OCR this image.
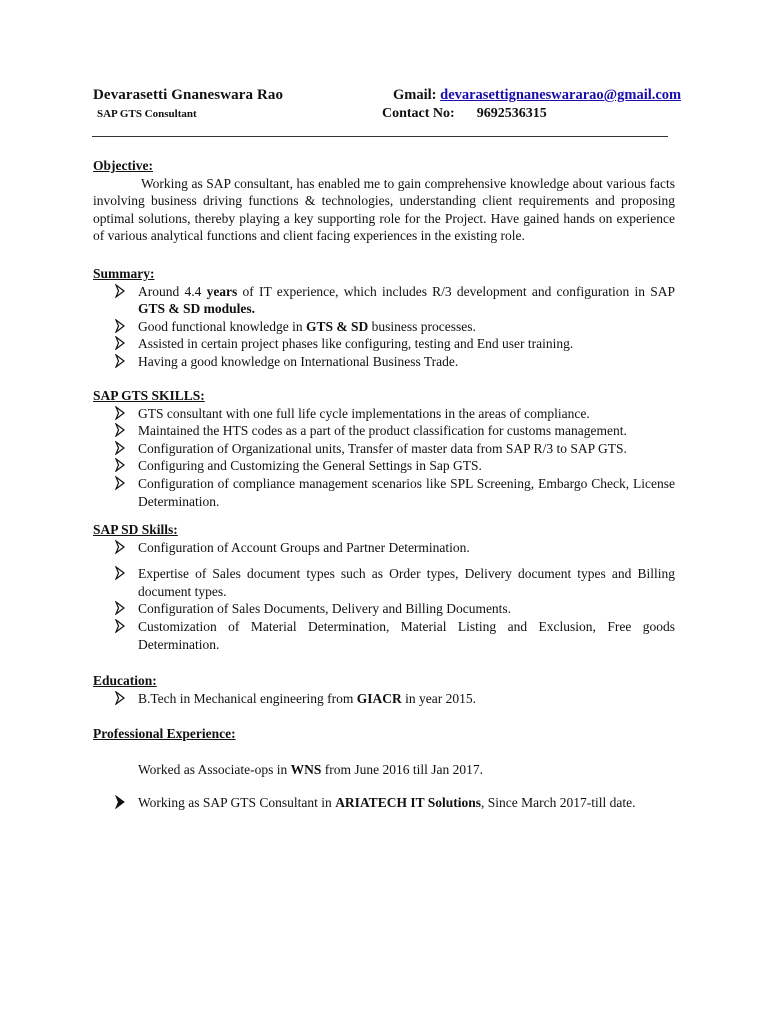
Devarasetti Gnaneswara Rao	Gmail: devarasettignaneswararao@gmail.com
SAP GTS Consultant	Contact No: 9692536315

Objective:

Working as SAP consultant, has enabled me to gain comprehensive knowledge about various facts involving business driving functions & technologies, understanding client requirements and proposing optimal solutions, thereby playing a key supporting role for the Project. Have gained hands on experience of various analytical functions and client facing experiences in the existing role.

Summary:

Around 4.4 years of IT experience, which includes R/3 development and configuration in SAP GTS & SD modules.
Good functional knowledge in GTS & SD business processes.
Assisted in certain project phases like configuring, testing and End user training.
Having a good knowledge on International Business Trade.

SAP GTS SKILLS:

GTS consultant with one full life cycle implementations in the areas of compliance.
Maintained the HTS codes as a part of the product classification for customs management.
Configuration of Organizational units, Transfer of master data from SAP R/3 to SAP GTS.
Configuring and Customizing the General Settings in Sap GTS.
Configuration of compliance management scenarios like SPL Screening, Embargo Check, License Determination.

SAP SD Skills:

Configuration of Account Groups and Partner Determination.
Expertise of Sales document types such as Order types, Delivery document types and Billing document types.
Configuration of Sales Documents, Delivery and Billing Documents.
Customization of Material Determination, Material Listing and Exclusion, Free goods Determination.

Education:

B.Tech in Mechanical engineering from GIACR in year 2015.

Professional Experience:

Worked as Associate-ops in WNS from June 2016 till Jan 2017.

Working as SAP GTS Consultant in ARIATECH IT Solutions, Since March 2017-till date.
